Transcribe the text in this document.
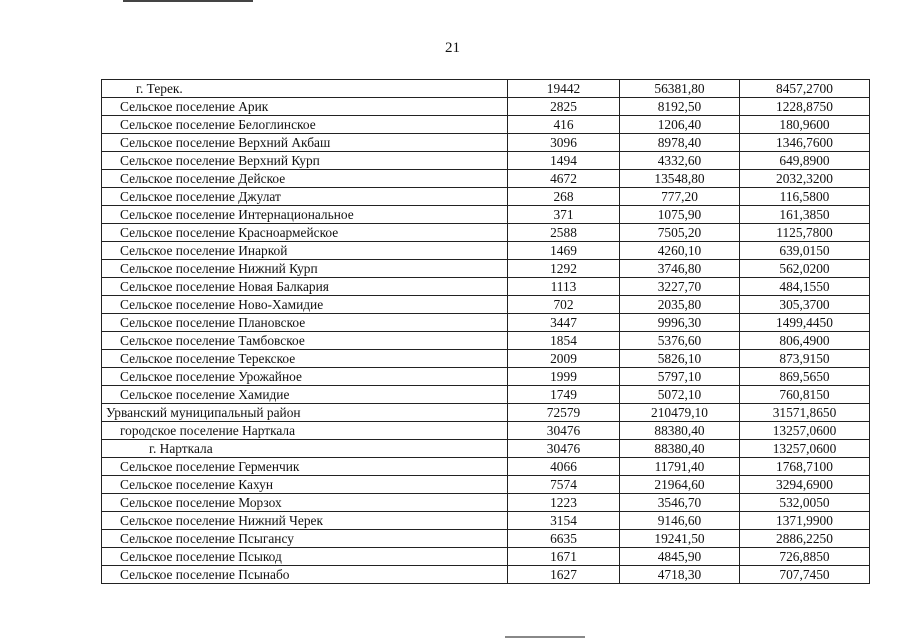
21
г. Терек.	19442	56381,80	8457,2700
Сельское поселение Арик	2825	8192,50	1228,8750
Сельское поселение Белоглинское	416	1206,40	180,9600
Сельское поселение Верхний Акбаш	3096	8978,40	1346,7600
Сельское поселение Верхний Курп	1494	4332,60	649,8900
Сельское поселение Дейское	4672	13548,80	2032,3200
Сельское поселение Джулат	268	777,20	116,5800
Сельское поселение Интернациональное	371	1075,90	161,3850
Сельское поселение Красноармейское	2588	7505,20	1125,7800
Сельское поселение Инаркой	1469	4260,10	639,0150
Сельское поселение Нижний Курп	1292	3746,80	562,0200
Сельское поселение Новая Балкария	1113	3227,70	484,1550
Сельское поселение Ново-Хамидие	702	2035,80	305,3700
Сельское поселение Плановское	3447	9996,30	1499,4450
Сельское поселение Тамбовское	1854	5376,60	806,4900
Сельское поселение Терекское	2009	5826,10	873,9150
Сельское поселение Урожайное	1999	5797,10	869,5650
Сельское поселение Хамидие	1749	5072,10	760,8150
Урванский муниципальный район	72579	210479,10	31571,8650
городское поселение Нарткала	30476	88380,40	13257,0600
г. Нарткала	30476	88380,40	13257,0600
Сельское поселение Герменчик	4066	11791,40	1768,7100
Сельское поселение Кахун	7574	21964,60	3294,6900
Сельское поселение Морзох	1223	3546,70	532,0050
Сельское поселение Нижний Черек	3154	9146,60	1371,9900
Сельское поселение Псыгансу	6635	19241,50	2886,2250
Сельское поселение Псыкод	1671	4845,90	726,8850
Сельское поселение Псынабо	1627	4718,30	707,7450
